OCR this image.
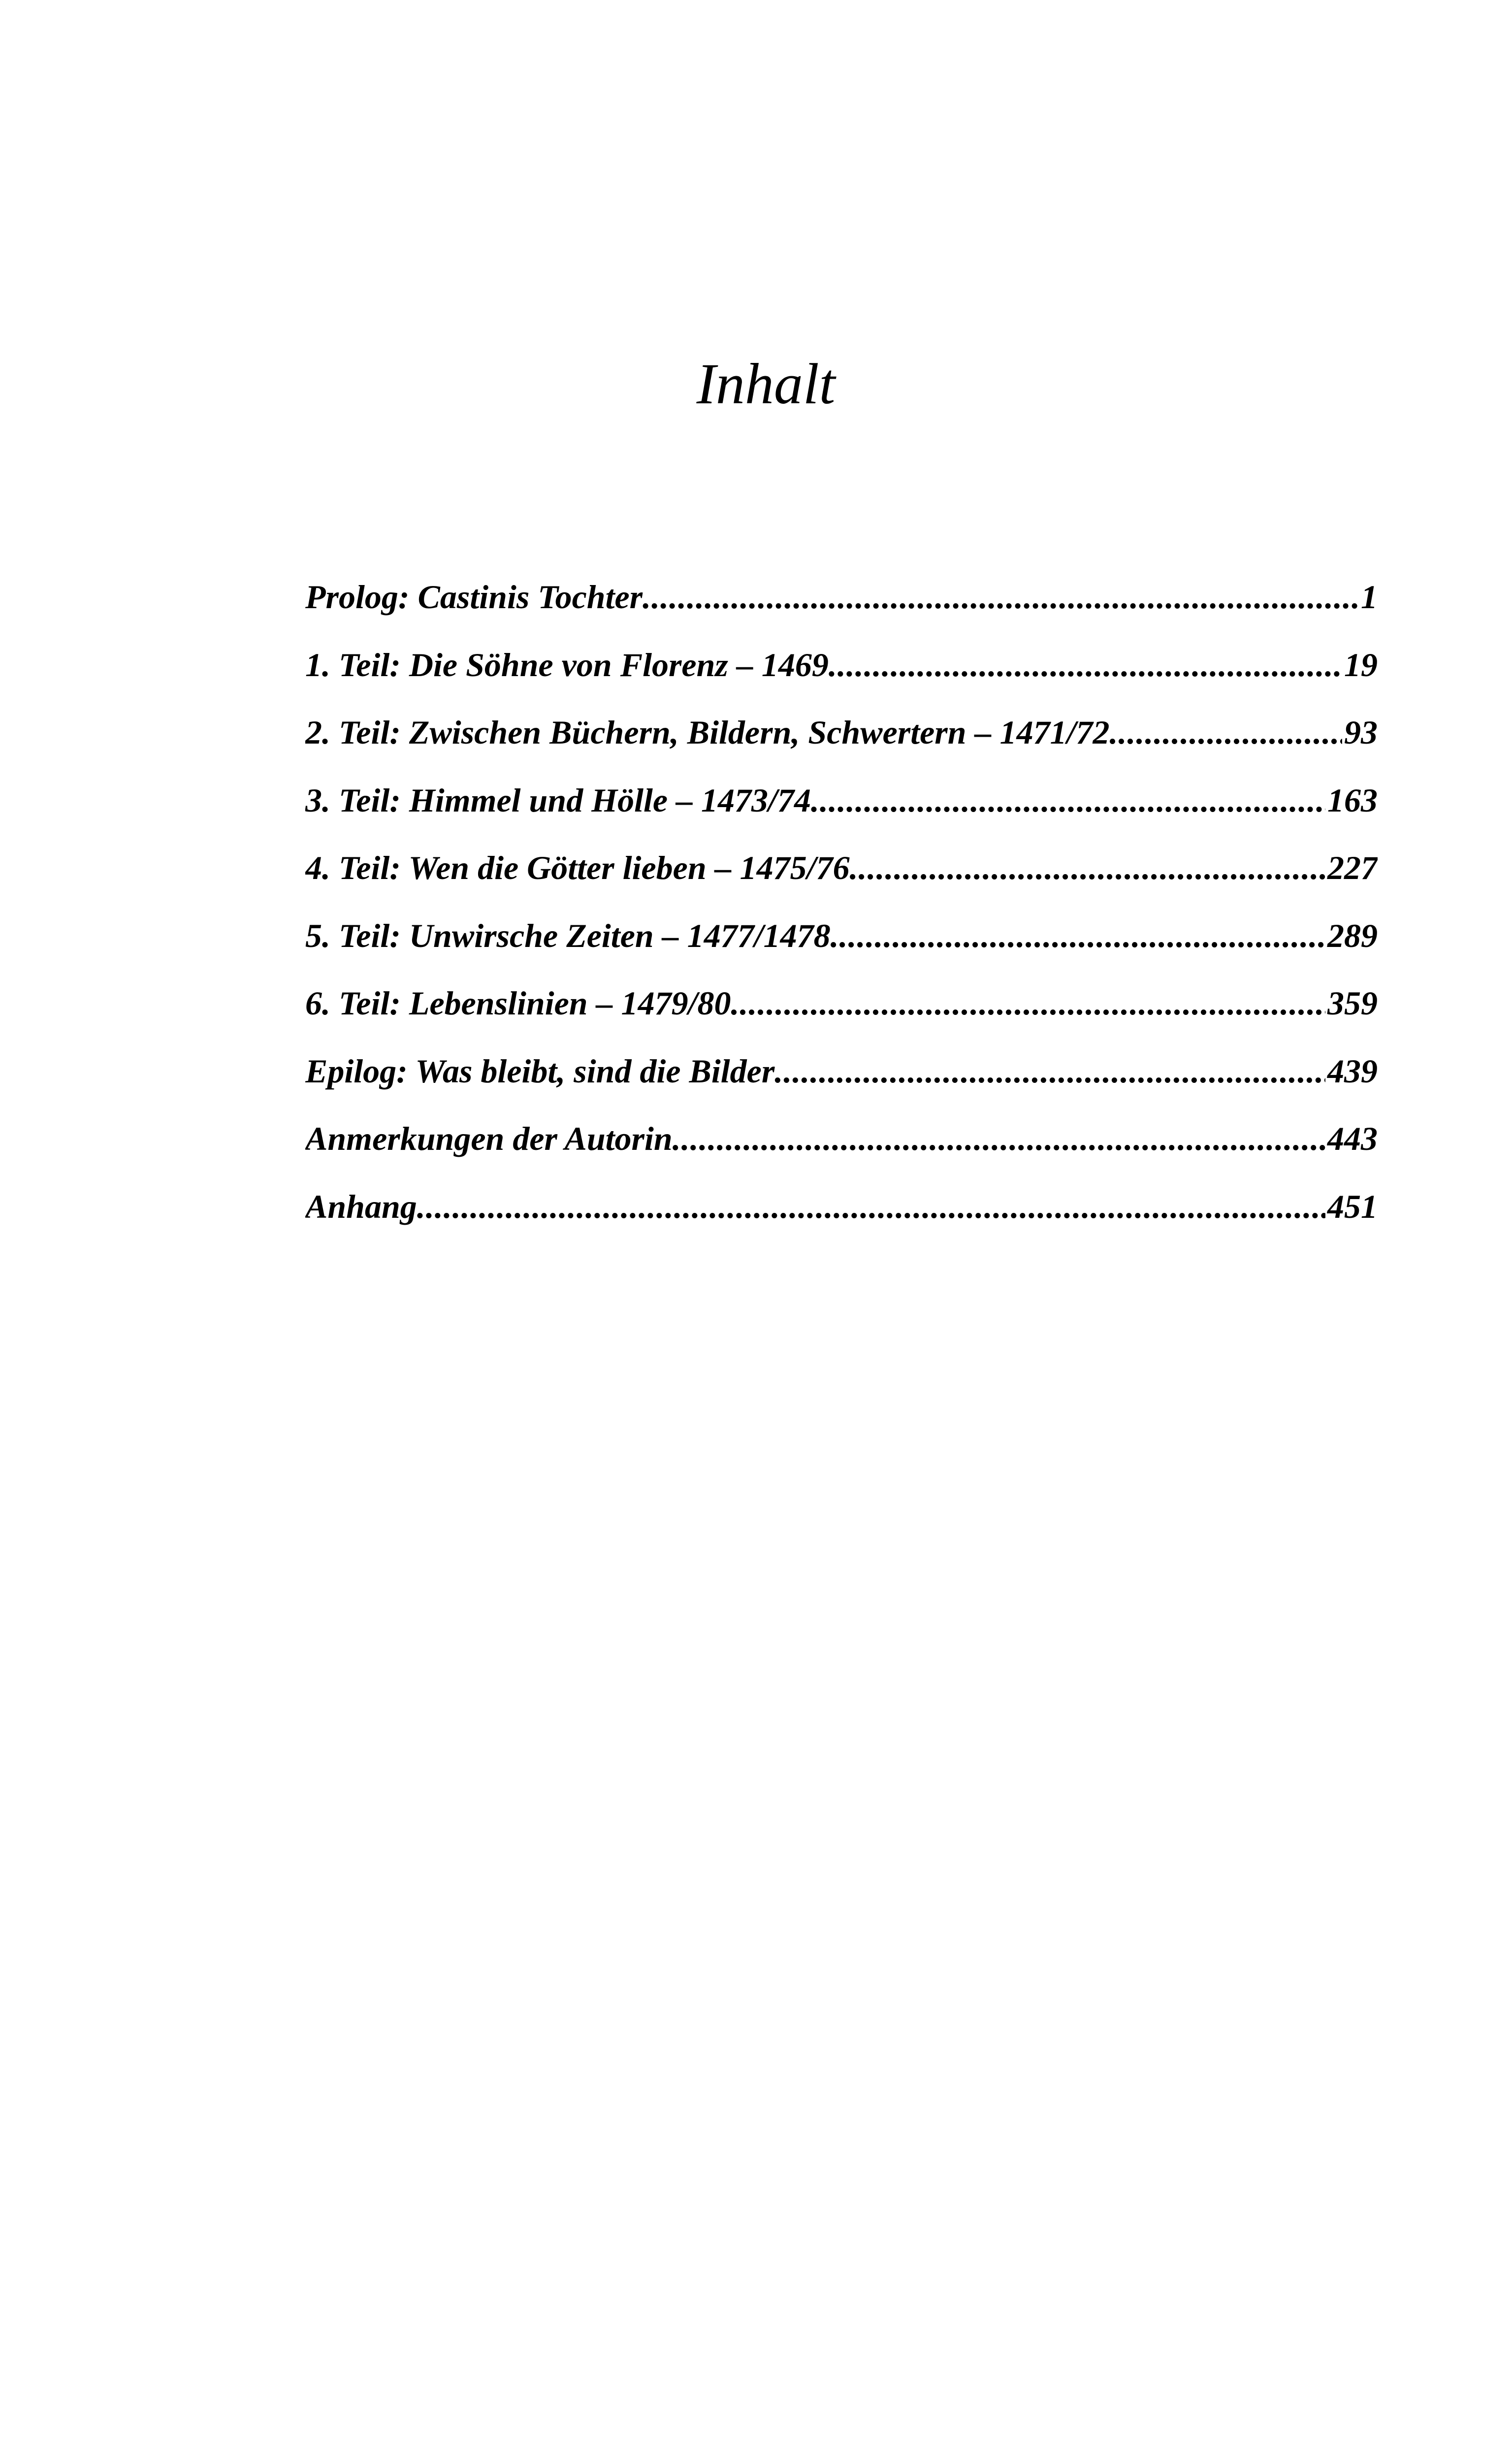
Inhalt
Prolog: Castinis Tochter .....	1
1. Teil: Die Söhne von Florenz – 1469 .....	19
2. Teil: Zwischen Büchern, Bildern, Schwertern – 1471/72 .....	93
3. Teil: Himmel und Hölle – 1473/74 .....	163
4. Teil: Wen die Götter lieben – 1475/76 .....	227
5. Teil: Unwirsche Zeiten – 1477/1478 .....	289
6. Teil: Lebenslinien – 1479/80 .....	359
Epilog: Was bleibt, sind die Bilder .....	439
Anmerkungen der Autorin .....	443
Anhang .....	451
